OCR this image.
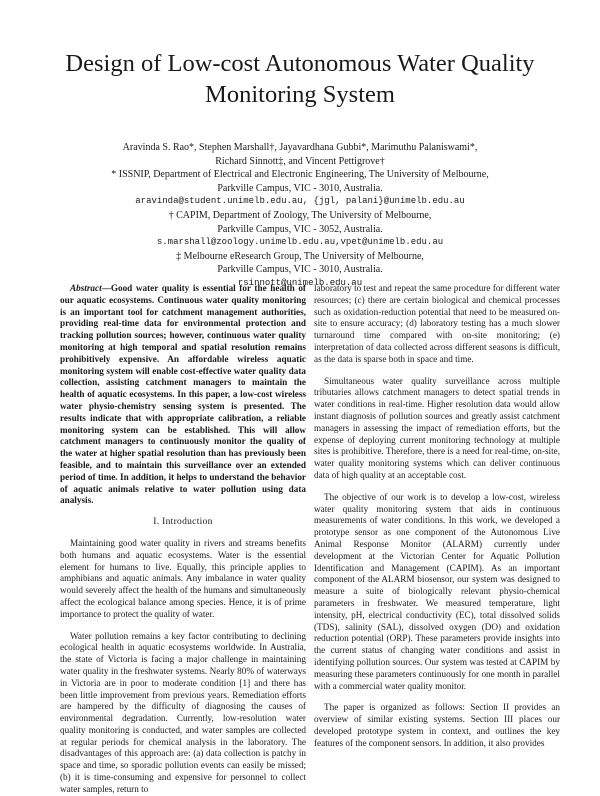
Design of Low-cost Autonomous Water Quality Monitoring System
Aravinda S. Rao*, Stephen Marshall†, Jayavardhana Gubbi*, Marimuthu Palaniswami*,
Richard Sinnott‡, and Vincent Pettigrove†
* ISSNIP, Department of Electrical and Electronic Engineering, The University of Melbourne,
Parkville Campus, VIC - 3010, Australia.
aravinda@student.unimelb.edu.au, {jgl, palani}@unimelb.edu.au
† CAPIM, Department of Zoology, The University of Melbourne,
Parkville Campus, VIC - 3052, Australia.
s.marshall@zoology.unimelb.edu.au,vpet@unimelb.edu.au
‡ Melbourne eResearch Group, The University of Melbourne,
Parkville Campus, VIC - 3010, Australia.
rsinnott@unimelb.edu.au

Abstract—Good water quality is essential for the health of our aquatic ecosystems. Continuous water quality monitoring is an important tool for catchment management authorities, providing real-time data for environmental protection and tracking pollution sources; however, continuous water quality monitoring at high temporal and spatial resolution remains prohibitively expensive. An affordable wireless aquatic monitoring system will enable cost-effective water quality data collection, assisting catchment managers to maintain the health of aquatic ecosystems. In this paper, a low-cost wireless water physio-chemistry sensing system is presented. The results indicate that with appropriate calibration, a reliable monitoring system can be established. This will allow catchment managers to continuously monitor the quality of the water at higher spatial resolution than has previously been feasible, and to maintain this surveillance over an extended period of time. In addition, it helps to understand the behavior of aquatic animals relative to water pollution using data analysis.

I. Introduction

Maintaining good water quality in rivers and streams benefits both humans and aquatic ecosystems. Water is the essential element for humans to live. Equally, this principle applies to amphibians and aquatic animals. Any imbalance in water quality would severely affect the health of the humans and simultaneously affect the ecological balance among species. Hence, it is of prime importance to protect the quality of water.

Water pollution remains a key factor contributing to declining ecological health in aquatic ecosystems worldwide. In Australia, the state of Victoria is facing a major challenge in maintaining water quality in the freshwater systems. Nearly 80% of waterways in Victoria are in poor to moderate condition [1] and there has been little improvement from previous years. Remediation efforts are hampered by the difficulty of diagnosing the causes of environmental degradation. Currently, low-resolution water quality monitoring is conducted, and water samples are collected at regular periods for chemical analysis in the laboratory. The disadvantages of this approach are: (a) data collection is patchy in space and time, so sporadic pollution events can easily be missed; (b) it is time-consuming and expensive for personnel to collect water samples, return to

laboratory to test and repeat the same procedure for different water resources; (c) there are certain biological and chemical processes such as oxidation-reduction potential that need to be measured on-site to ensure accuracy; (d) laboratory testing has a much slower turnaround time compared with on-site monitoring; (e) interpretation of data collected across different seasons is difficult, as the data is sparse both in space and time.

Simultaneous water quality surveillance across multiple tributaries allows catchment managers to detect spatial trends in water conditions in real-time. Higher resolution data would allow instant diagnosis of pollution sources and greatly assist catchment managers in assessing the impact of remediation efforts, but the expense of deploying current monitoring technology at multiple sites is prohibitive. Therefore, there is a need for real-time, on-site, water quality monitoring systems which can deliver continuous data of high quality at an acceptable cost.

The objective of our work is to develop a low-cost, wireless water quality monitoring system that aids in continuous measurements of water conditions. In this work, we developed a prototype sensor as one component of the Autonomous Live Animal Response Monitor (ALARM) currently under development at the Victorian Center for Aquatic Pollution Identification and Management (CAPIM). As an important component of the ALARM biosensor, our system was designed to measure a suite of biologically relevant physio-chemical parameters in freshwater. We measured temperature, light intensity, pH, electrical conductivity (EC), total dissolved solids (TDS), salinity (SAL), dissolved oxygen (DO) and oxidation reduction potential (ORP). These parameters provide insights into the current status of changing water conditions and assist in identifying pollution sources. Our system was tested at CAPIM by measuring these parameters continuously for one month in parallel with a commercial water quality monitor.

The paper is organized as follows: Section II provides an overview of similar existing systems. Section III places our developed prototype system in context, and outlines the key features of the component sensors. In addition, it also provides
